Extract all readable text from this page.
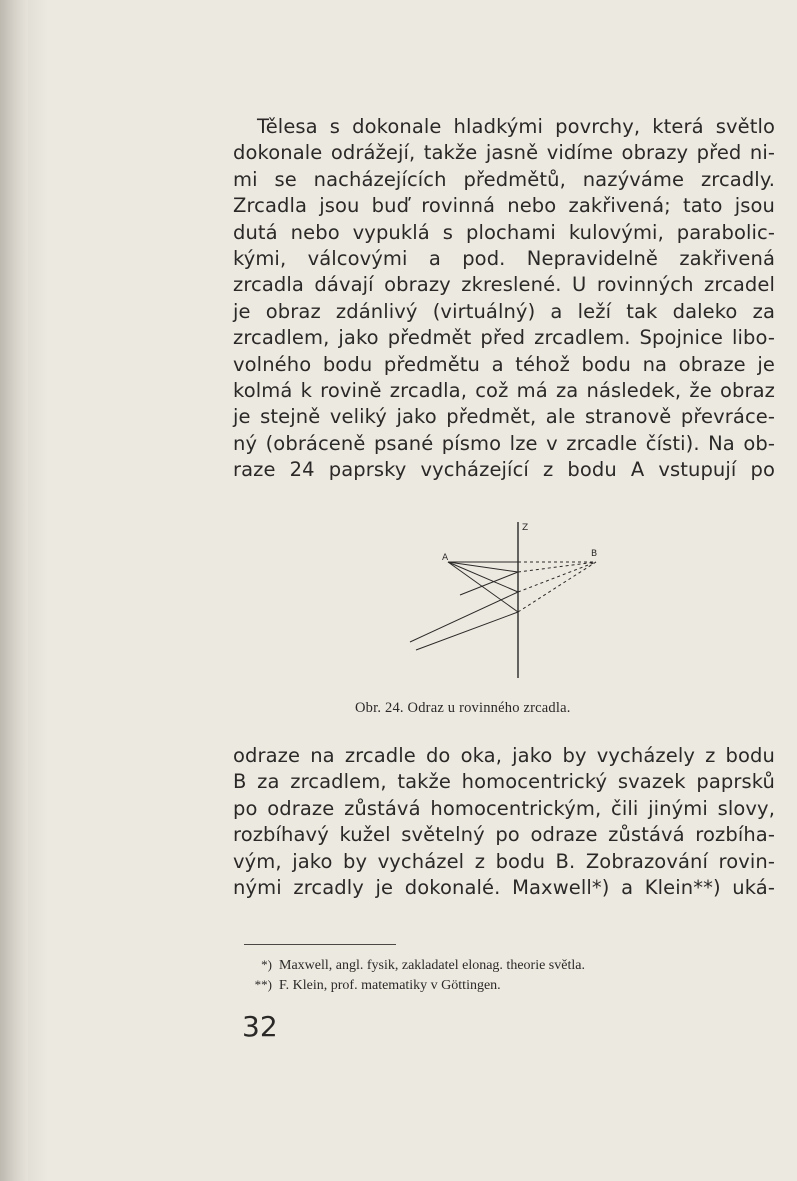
Tělesa s dokonale hladkými povrchy, která světlo
dokonale odrážejí, takže jasně vidíme obrazy před ni-
mi se nacházejících předmětů, nazýváme zrcadly.
Zrcadla jsou buď rovinná nebo zakřivená; tato jsou
dutá nebo vypuklá s plochami kulovými, parabolic-
kými, válcovými a pod. Nepravidelně zakřivená
zrcadla dávají obrazy zkreslené. U rovinných zrcadel
je obraz zdánlivý (virtuálný) a leží tak daleko za
zrcadlem, jako předmět před zrcadlem. Spojnice libo-
volného bodu předmětu a téhož bodu na obraze je
kolmá k rovině zrcadla, což má za následek, že obraz
je stejně veliký jako předmět, ale stranově převráce-
ný (obráceně psané písmo lze v zrcadle čísti). Na ob-
raze 24 paprsky vycházející z bodu A vstupují po
Z
A	B
Obr. 24. Odraz u rovinného zrcadla.
odraze na zrcadle do oka, jako by vycházely z bodu
B za zrcadlem, takže homocentrický svazek paprsků
po odraze zůstává homocentrickým, čili jinými slovy,
rozbíhavý kužel světelný po odraze zůstává rozbíha-
vým, jako by vycházel z bodu B. Zobrazování rovin-
nými zrcadly je dokonalé. Maxwell*) a Klein**) uká-
*) Maxwell, angl. fysik, zakladatel elonag. theorie světla.
**) F. Klein, prof. matematiky v Göttingen.
32
